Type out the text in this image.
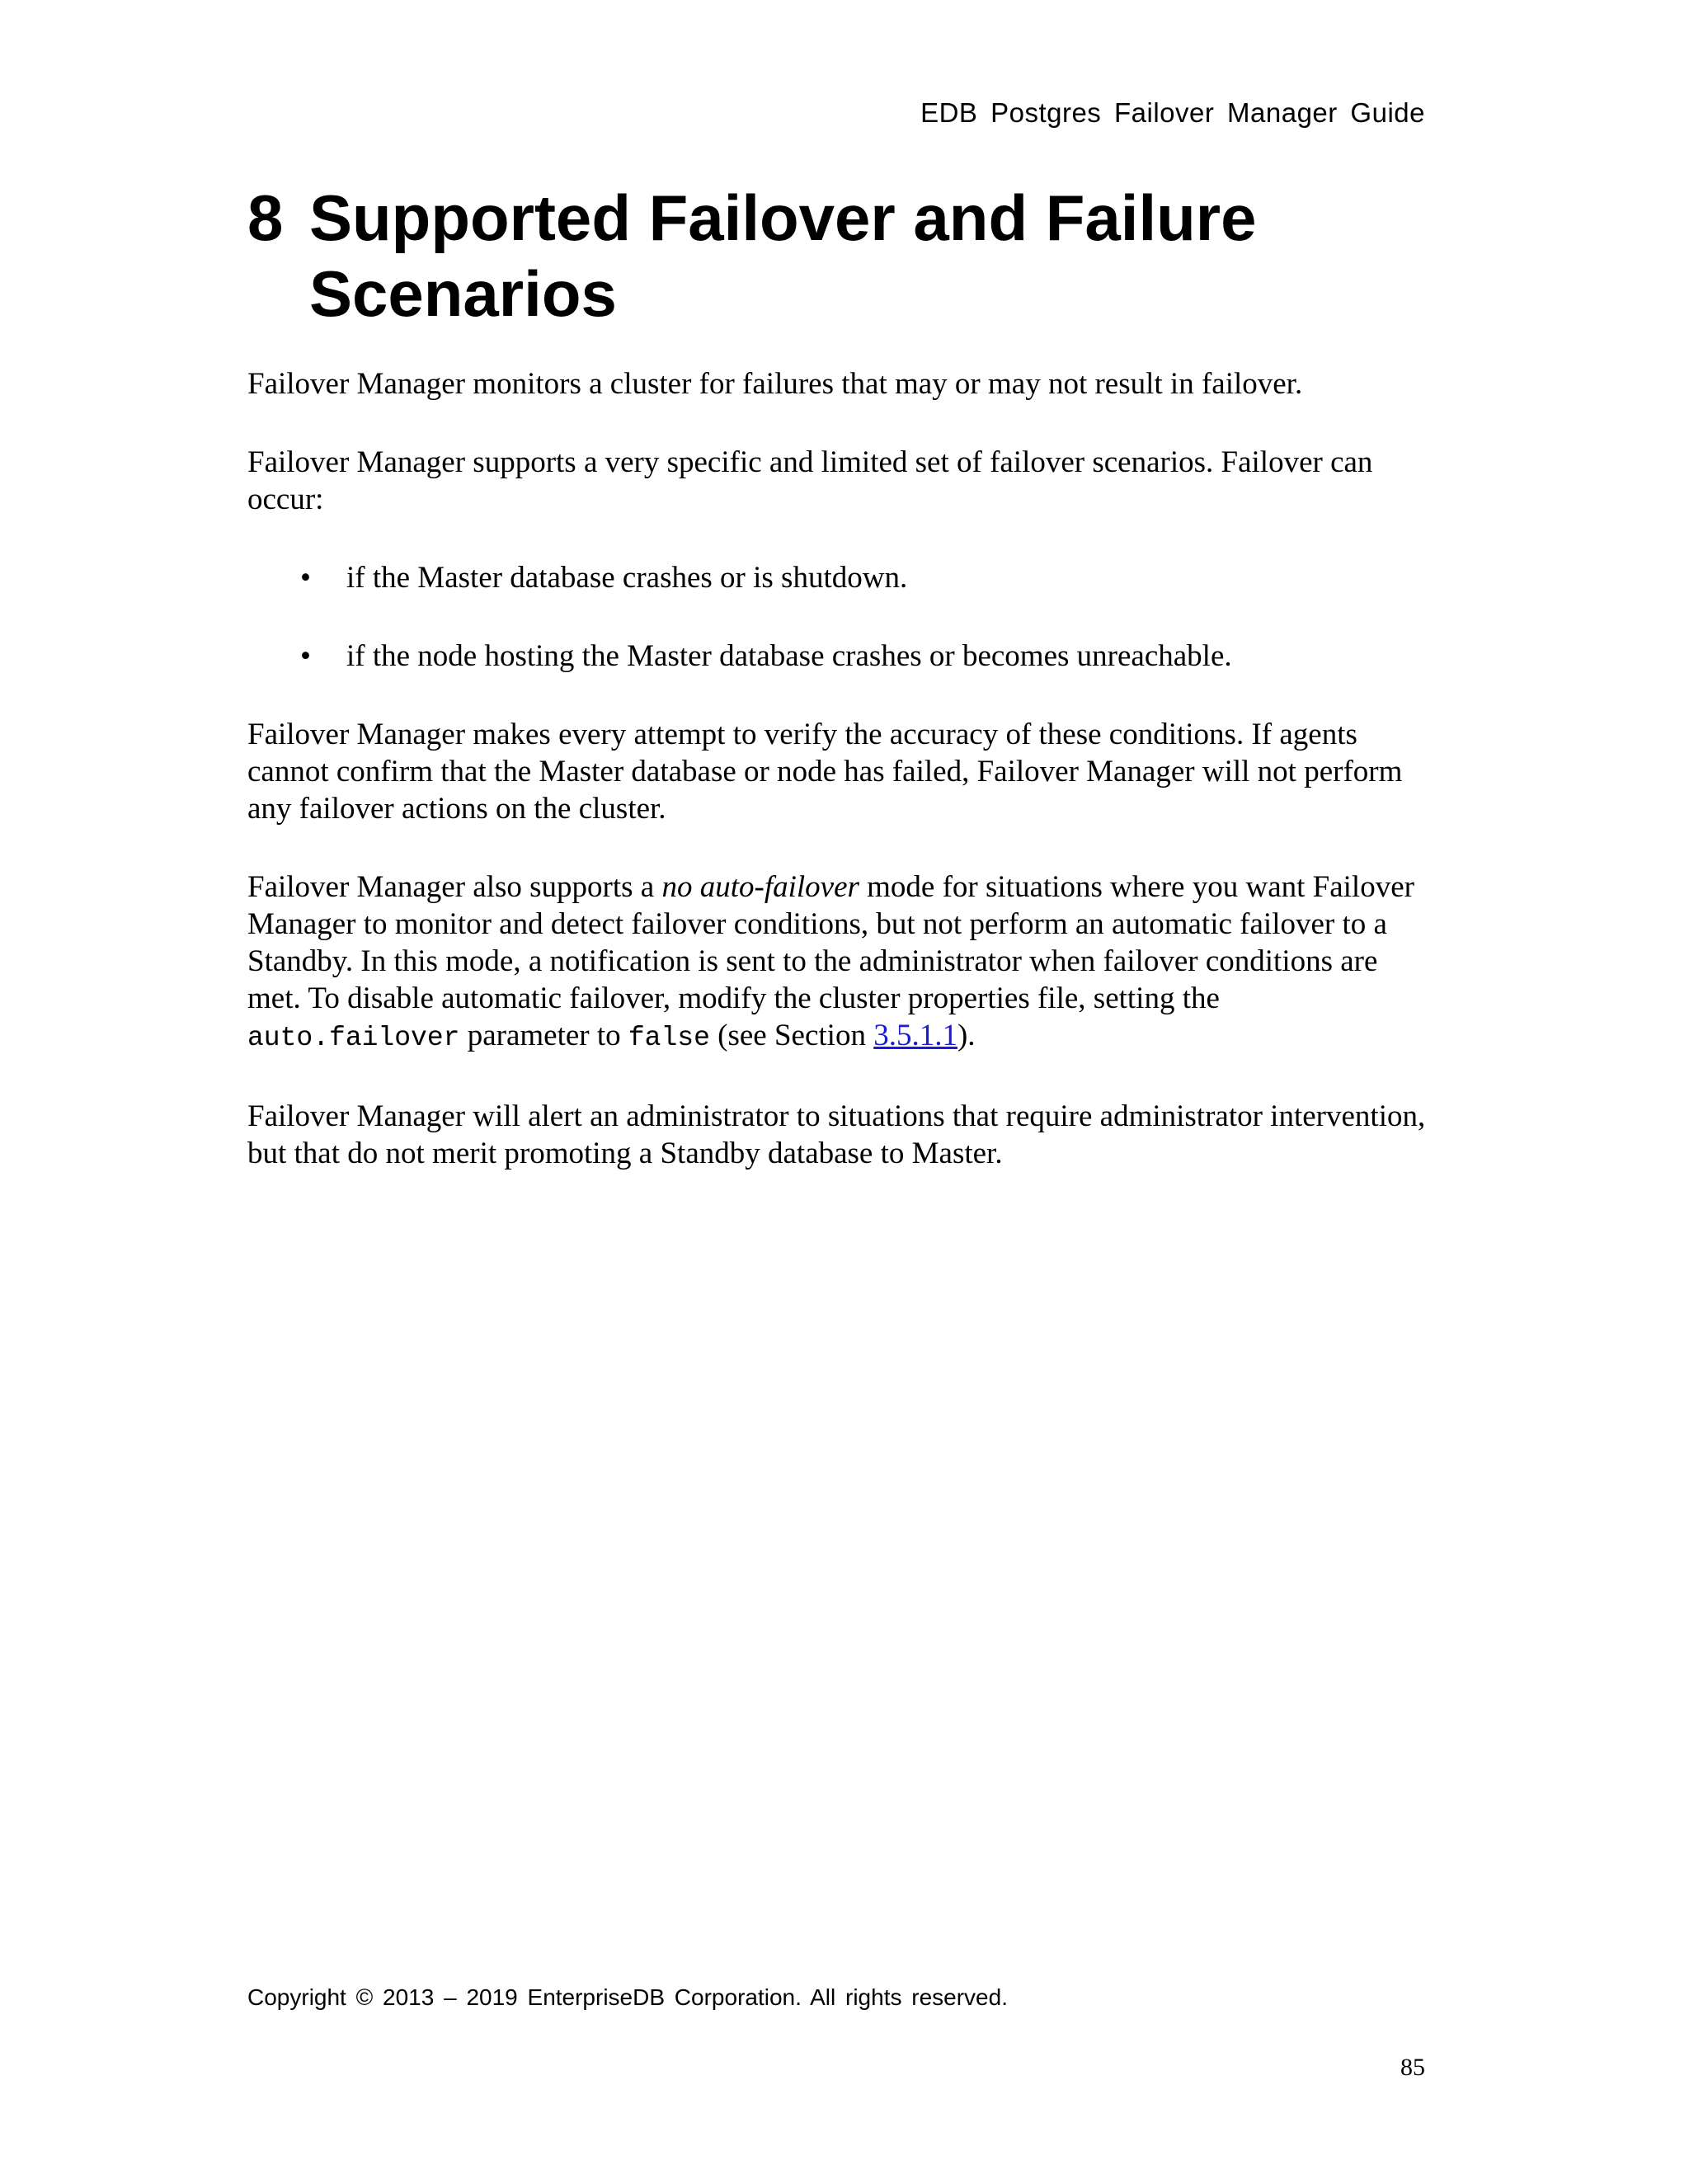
EDB Postgres Failover Manager Guide
8 Supported Failover and Failure Scenarios

Failover Manager monitors a cluster for failures that may or may not result in failover.

Failover Manager supports a very specific and limited set of failover scenarios. Failover can occur:

• if the Master database crashes or is shutdown.
• if the node hosting the Master database crashes or becomes unreachable.

Failover Manager makes every attempt to verify the accuracy of these conditions. If agents cannot confirm that the Master database or node has failed, Failover Manager will not perform any failover actions on the cluster.

Failover Manager also supports a no auto-failover mode for situations where you want Failover Manager to monitor and detect failover conditions, but not perform an automatic failover to a Standby. In this mode, a notification is sent to the administrator when failover conditions are met. To disable automatic failover, modify the cluster properties file, setting the auto.failover parameter to false (see Section 3.5.1.1).

Failover Manager will alert an administrator to situations that require administrator intervention, but that do not merit promoting a Standby database to Master.

Copyright © 2013 – 2019 EnterpriseDB Corporation. All rights reserved.
85
